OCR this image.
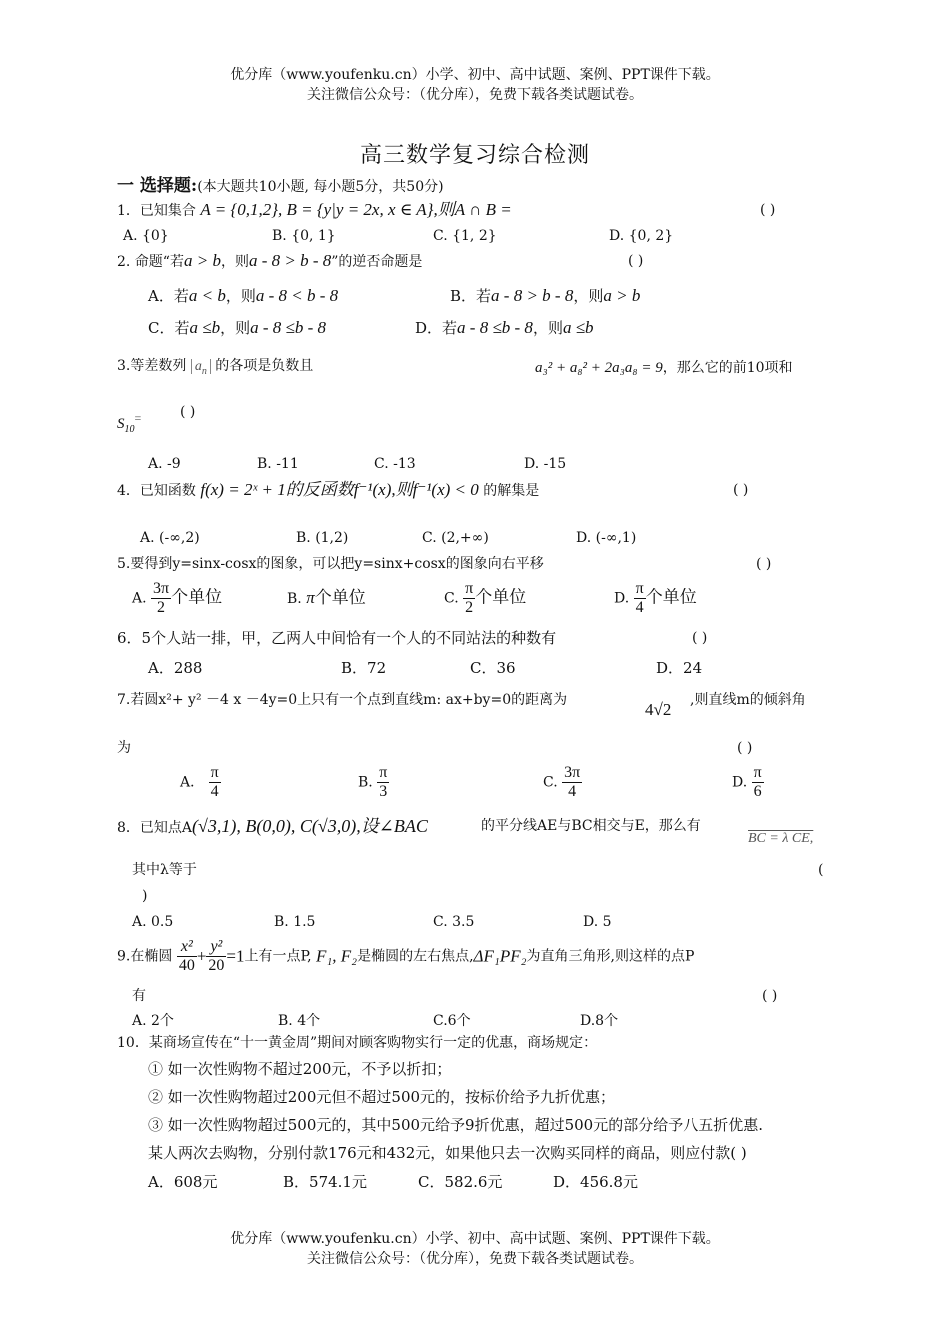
优分库（www.youfenku.cn）小学、初中、高中试题、案例、PPT课件下载。
关注微信公众号：（优分库），免费下载各类试题试卷。
高三数学复习综合检测
一 选择题:(本大题共10小题, 每小题5分，共50分)
1．已知集合 A = {0,1,2}, B = {y|y = 2x, x ∈ A},则A ∩ B =	( )
A. {0}	B. {0, 1}	C. {1, 2}	D. {0, 2}
2. 命题“若a > b，则a - 8 > b - 8”的逆否命题是	( )
A．若a < b，则a - 8 < b - 8	B．若a - 8 > b - 8，则a > b
C．若a ≤b，则a - 8 ≤b - 8	D．若a - 8 ≤b - 8，则a ≤b
3.等差数列 $a_n$ 的各项是负数且	a₃² + a₈² + 2a₃a₈ = 9，那么它的前10项和
$S_{10}=$	( )
A. -9	B. -11	C. -13	D. -15
4．已知函数 f(x) = 2ˣ + 1的反函数f⁻¹(x),则f⁻¹(x) < 0 的解集是	( )
A. (-∞,2)	B. (1,2)	C. (2,+∞)	D. (-∞,1)
5.要得到y=sinx-cosx的图象，可以把y=sinx+cosx的图象向右平移	( )
A. $\frac{3\pi}{2}$ 个单位	B. π个单位	C. $\frac{\pi}{2}$ 个单位	D. $\frac{\pi}{4}$ 个单位
6．5个人站一排，甲，乙两人中间恰有一个人的不同站法的种数有	( )
A．288	B．72	C．36	D．24
7.若圆x²+ y² －4 x －4y=0上只有一个点到直线m: ax+by=0的距离为	4√2 ,则直线m的倾斜角
为	( )
A． $\frac{\pi}{4}$	B. $\frac{\pi}{3}$	C. $\frac{3\pi}{4}$	D. $\frac{\pi}{6}$
8．已知点A(√3,1), B(0,0), C(√3,0),设∠BAC	的平分线AE与BC相交与E，那么有
BC = λ CE,
其中λ等于	(
)
A. 0.5	B. 1.5	C. 3.5	D. 5
9.在椭圆 $\frac{\text{x²}}{40} + \frac{\text{y²}}{20} =1$上有一点P, F₁, F₂是椭圆的左右焦点,ΔF₁PF₂为直角三角形,则这样的点P
有	( )
A. 2个	B. 4个	C.6个	D.8个
10．某商场宣传在“十一黄金周”期间对顾客购物实行一定的优惠，商场规定：
① 如一次性购物不超过200元，不予以折扣；
② 如一次性购物超过200元但不超过500元的，按标价给予九折优惠；
③ 如一次性购物超过500元的，其中500元给予9折优惠，超过500元的部分给予八五折优惠.
某人两次去购物，分别付款176元和432元，如果他只去一次购买同样的商品，则应付款( )
A．608元	B．574.1元	C．582.6元	D．456.8元
优分库（www.youfenku.cn）小学、初中、高中试题、案例、PPT课件下载。
关注微信公众号：（优分库），免费下载各类试题试卷。
